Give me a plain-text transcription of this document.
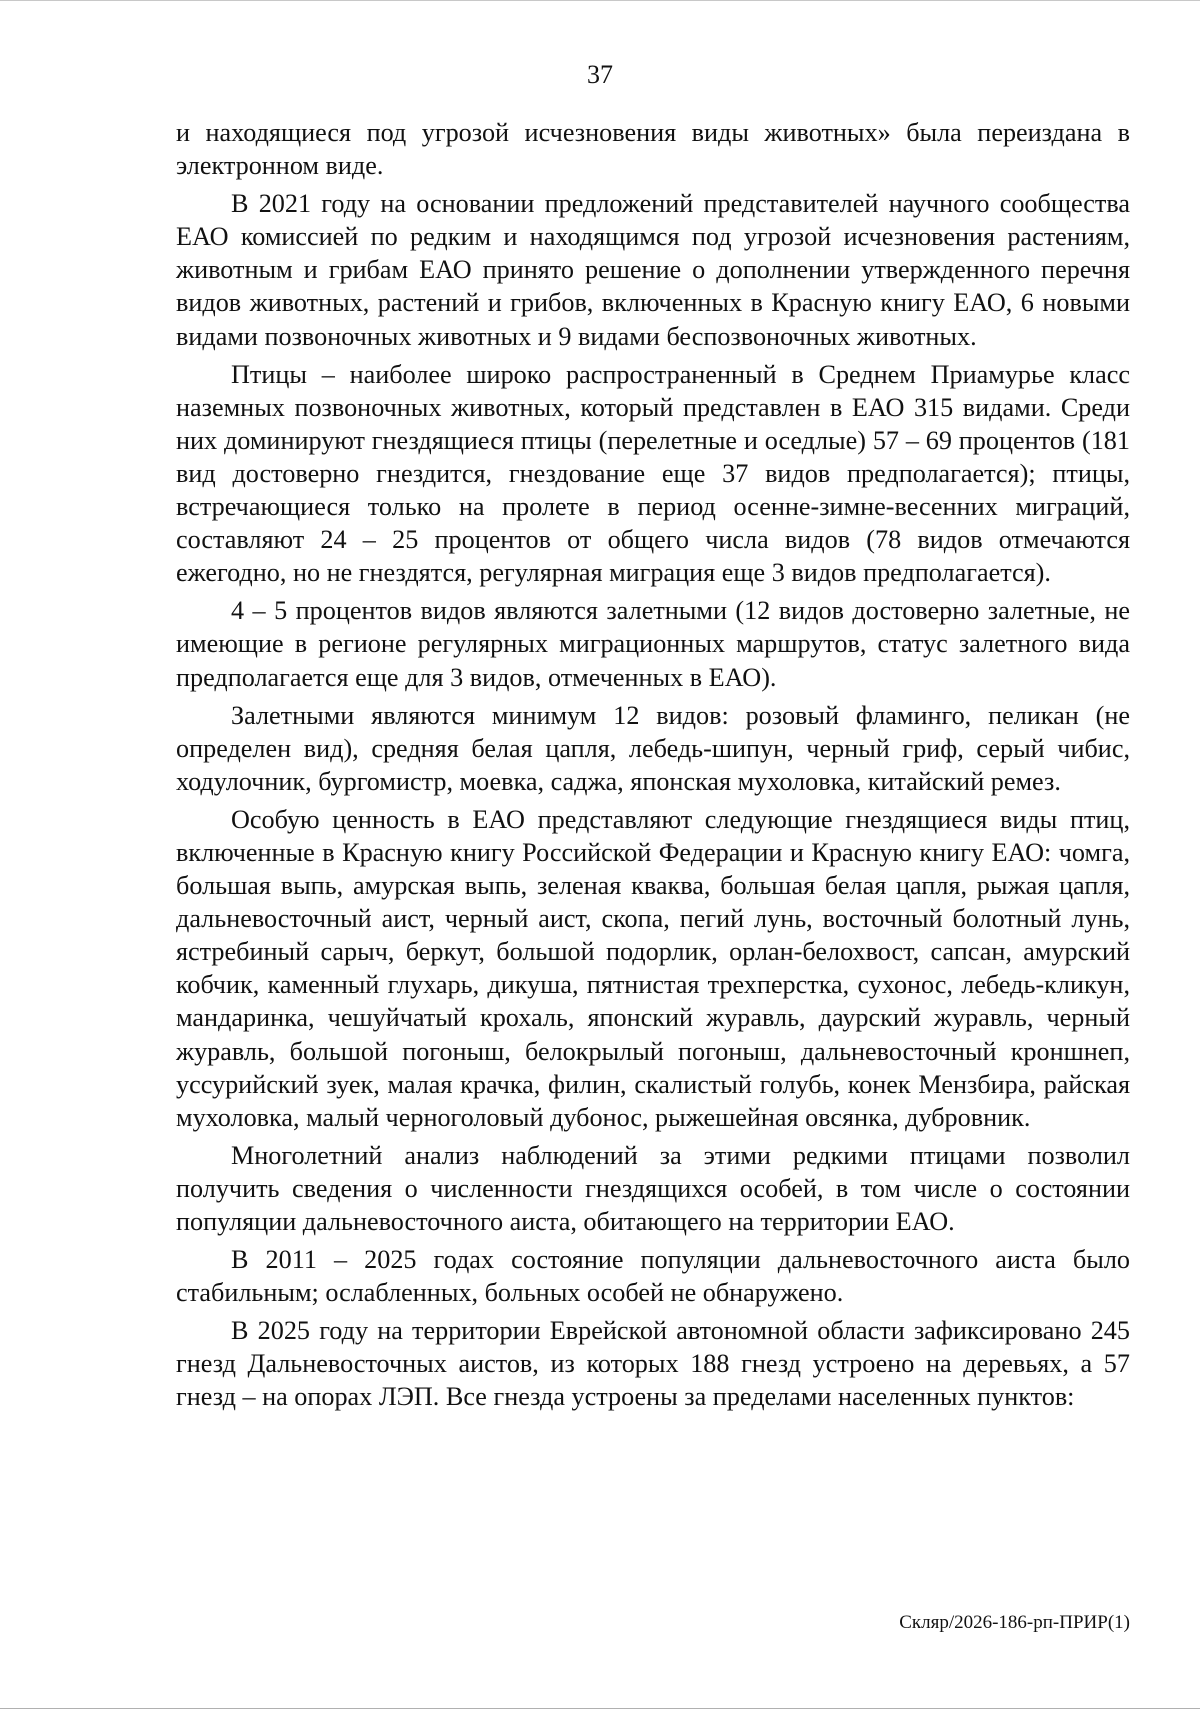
37

и находящиеся под угрозой исчезновения виды животных» была переиздана в электронном виде.

В 2021 году на основании предложений представителей научного сообщества ЕАО комиссией по редким и находящимся под угрозой исчезновения растениям, животным и грибам ЕАО принято решение о дополнении утвержденного перечня видов животных, растений и грибов, включенных в Красную книгу ЕАО, 6 новыми видами позвоночных животных и 9 видами беспозвоночных животных.

Птицы – наиболее широко распространенный в Среднем Приамурье класс наземных позвоночных животных, который представлен в ЕАО 315 видами. Среди них доминируют гнездящиеся птицы (перелетные и оседлые) 57 – 69 процентов (181 вид достоверно гнездится, гнездование еще 37 видов предполагается); птицы, встречающиеся только на пролете в период осенне-зимне-весенних миграций, составляют 24 – 25 процентов от общего числа видов (78 видов отмечаются ежегодно, но не гнездятся, регулярная миграция еще 3 видов предполагается).

4 – 5 процентов видов являются залетными (12 видов достоверно залетные, не имеющие в регионе регулярных миграционных маршрутов, статус залетного вида предполагается еще для 3 видов, отмеченных в ЕАО).

Залетными являются минимум 12 видов: розовый фламинго, пеликан (не определен вид), средняя белая цапля, лебедь-шипун, черный гриф, серый чибис, ходулочник, бургомистр, моевка, саджа, японская мухоловка, китайский ремез.

Особую ценность в ЕАО представляют следующие гнездящиеся виды птиц, включенные в Красную книгу Российской Федерации и Красную книгу ЕАО: чомга, большая выпь, амурская выпь, зеленая кваква, большая белая цапля, рыжая цапля, дальневосточный аист, черный аист, скопа, пегий лунь, восточный болотный лунь, ястребиный сарыч, беркут, большой подорлик, орлан-белохвост, сапсан, амурский кобчик, каменный глухарь, дикуша, пятнистая трехперстка, сухонос, лебедь-кликун, мандаринка, чешуйчатый крохаль, японский журавль, даурский журавль, черный журавль, большой погоныш, белокрылый погоныш, дальневосточный кроншнеп, уссурийский зуек, малая крачка, филин, скалистый голубь, конек Мензбира, райская мухоловка, малый черноголовый дубонос, рыжешейная овсянка, дубровник.

Многолетний анализ наблюдений за этими редкими птицами позволил получить сведения о численности гнездящихся особей, в том числе о состоянии популяции дальневосточного аиста, обитающего на территории ЕАО.

В 2011 – 2025 годах состояние популяции дальневосточного аиста было стабильным; ослабленных, больных особей не обнаружено.

В 2025 году на территории Еврейской автономной области зафиксировано 245 гнезд Дальневосточных аистов, из которых 188 гнезд устроено на деревьях, а 57 гнезд – на опорах ЛЭП. Все гнезда устроены за пределами населенных пунктов:

Скляр/2026-186-рп-ПРИР(1)
